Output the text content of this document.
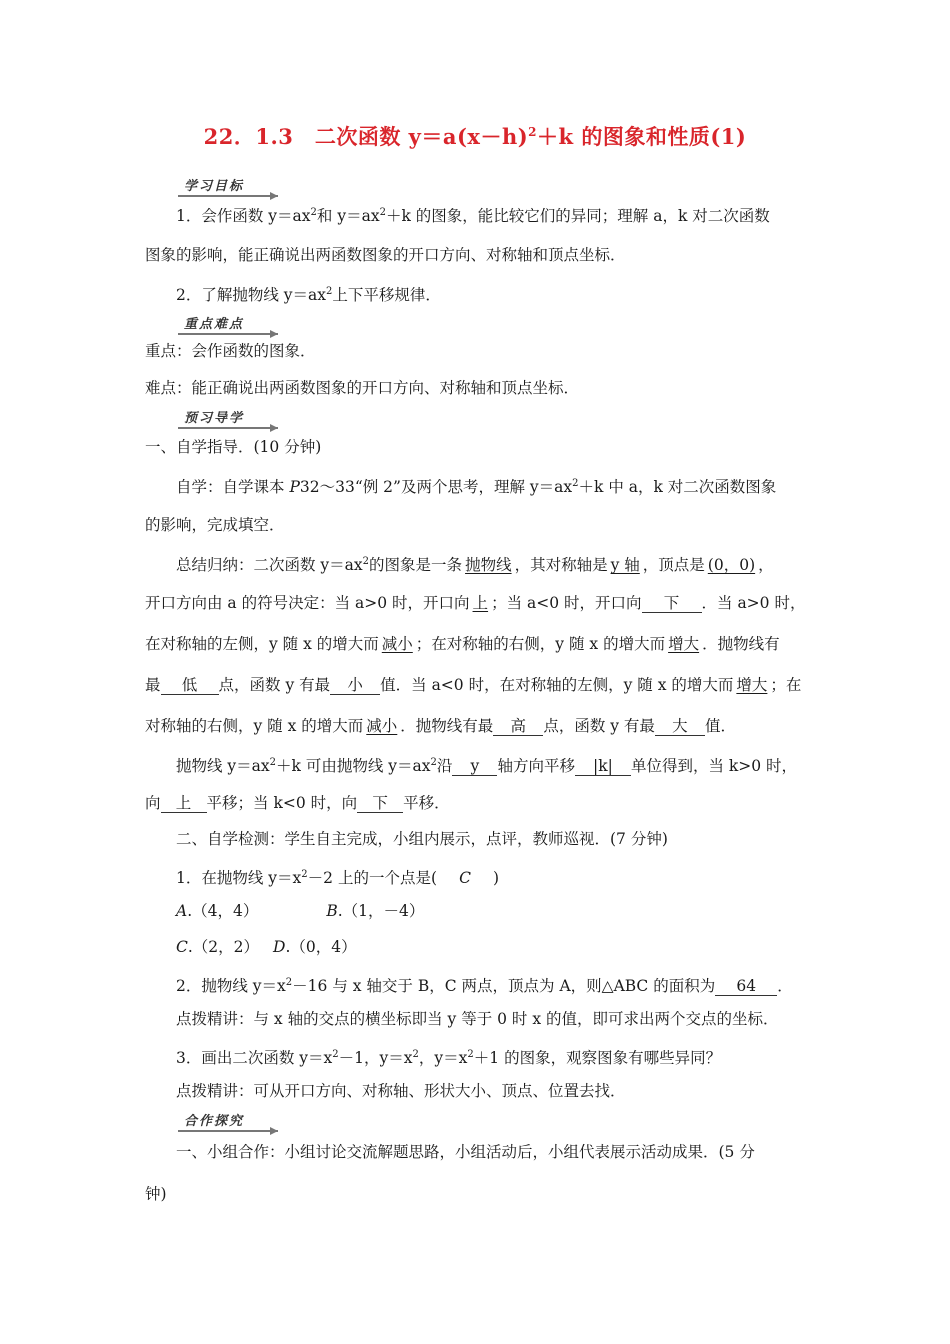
22．1.3　 二次函数 $y=a(x-h)^2+k$ 的图象和性质(1)
学习目标
1．会作函数 $y=ax^2$和 $y=ax^2+k$ 的图象，能比较它们的异同；理解 a，k 对二次函数
图象的影响，能正确说出两函数图象的开口方向、对称轴和顶点坐标．
2．了解抛物线 $y=ax^2$上下平移规律．
重点难点
重点：会作函数的图象．
难点：能正确说出两函数图象的开口方向、对称轴和顶点坐标．
预习导学
一、自学指导．(10 分钟)
自学：自学课本 P32～33“例 2”及两个思考，理解 $y=ax^2+k$ 中 a，k 对二次函数图象
的影响，完成填空．
总结归纳：二次函数 $y=ax^2$的图象是一条 抛物线 ，其对称轴是 y 轴 ，顶点是 (0，0) ，
开口方向由 a 的符号决定：当 a>0 时，开口向 上 ；当 a<0 时，开口向 下 ．当 a>0 时，
在对称轴的左侧，y 随 x 的增大而 减小 ；在对称轴的右侧，y 随 x 的增大而 增大 ．抛物线有
最 低 点，函数 y 有最 小 值．当 a<0 时，在对称轴的左侧，y 随 x 的增大而 增大 ；在
对称轴的右侧，y 随 x 的增大而 减小 ．抛物线有最 高 点，函数 y 有最 大 值．
抛物线 $y=ax^2+k$ 可由抛物线 $y=ax^2$沿 y 轴方向平移 |k| 单位得到，当 k>0 时，
向 上 平移；当 k<0 时，向 下 平移．
二、自学检测：学生自主完成，小组内展示，点评，教师巡视．(7 分钟)
1．在抛物线 $y=x^2-2$ 上的一个点是( C )
A.（4，4）	B.（1，－4）
C.（2，2） D.（0，4）
2．抛物线 $y=x^2-16$ 与 x 轴交于 B，C 两点，顶点为 A，则△ABC 的面积为 64 ．
点拨精讲：与 x 轴的交点的横坐标即当 y 等于 0 时 x 的值，即可求出两个交点的坐标．
3．画出二次函数 $y=x^2-1$，$y=x^2$，$y=x^2+1$ 的图象，观察图象有哪些异同？
点拨精讲：可从开口方向、对称轴、形状大小、顶点、位置去找．
合作探究
一、小组合作：小组讨论交流解题思路，小组活动后，小组代表展示活动成果．(5 分
钟)
